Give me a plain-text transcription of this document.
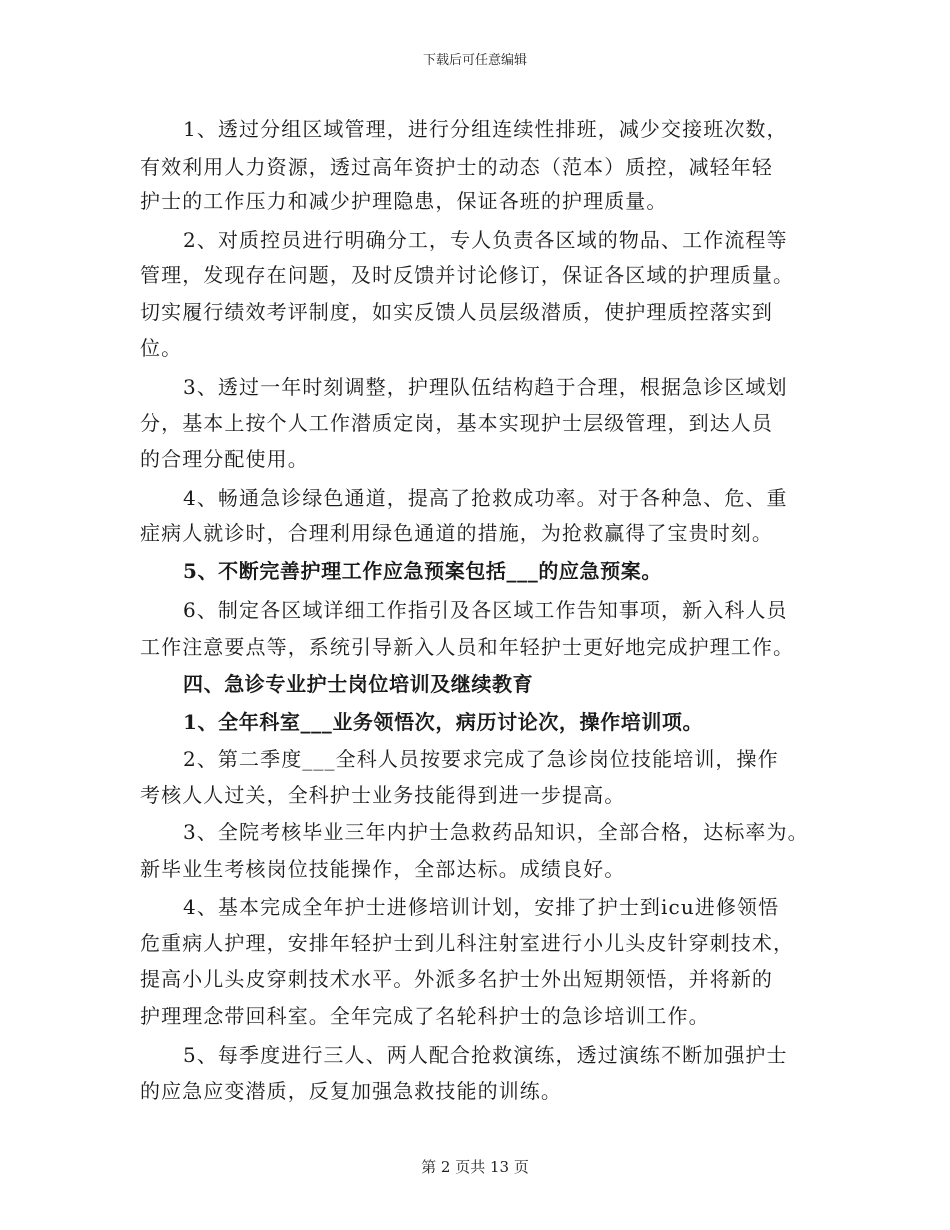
下载后可任意编辑
1、透过分组区域管理，进行分组连续性排班，减少交接班次数，
有效利用人力资源，透过高年资护士的动态（范本）质控，减轻年轻
护士的工作压力和减少护理隐患，保证各班的护理质量。
2、对质控员进行明确分工，专人负责各区域的物品、工作流程等
管理，发现存在问题，及时反馈并讨论修订，保证各区域的护理质量。
切实履行绩效考评制度，如实反馈人员层级潜质，使护理质控落实到
位。
3、透过一年时刻调整，护理队伍结构趋于合理，根据急诊区域划
分，基本上按个人工作潜质定岗，基本实现护士层级管理，到达人员
的合理分配使用。
4、畅通急诊绿色通道，提高了抢救成功率。对于各种急、危、重
症病人就诊时，合理利用绿色通道的措施，为抢救赢得了宝贵时刻。
5、不断完善护理工作应急预案包括___的应急预案。
6、制定各区域详细工作指引及各区域工作告知事项，新入科人员
工作注意要点等，系统引导新入人员和年轻护士更好地完成护理工作。
四、急诊专业护士岗位培训及继续教育
1、全年科室___业务领悟次，病历讨论次，操作培训项。
2、第二季度___全科人员按要求完成了急诊岗位技能培训，操作
考核人人过关，全科护士业务技能得到进一步提高。
3、全院考核毕业三年内护士急救药品知识，全部合格，达标率为。
新毕业生考核岗位技能操作，全部达标。成绩良好。
4、基本完成全年护士进修培训计划，安排了护士到icu进修领悟
危重病人护理，安排年轻护士到儿科注射室进行小儿头皮针穿刺技术，
提高小儿头皮穿刺技术水平。外派多名护士外出短期领悟，并将新的
护理理念带回科室。全年完成了名轮科护士的急诊培训工作。
5、每季度进行三人、两人配合抢救演练，透过演练不断加强护士
的应急应变潜质，反复加强急救技能的训练。
第 2 页共 13 页
